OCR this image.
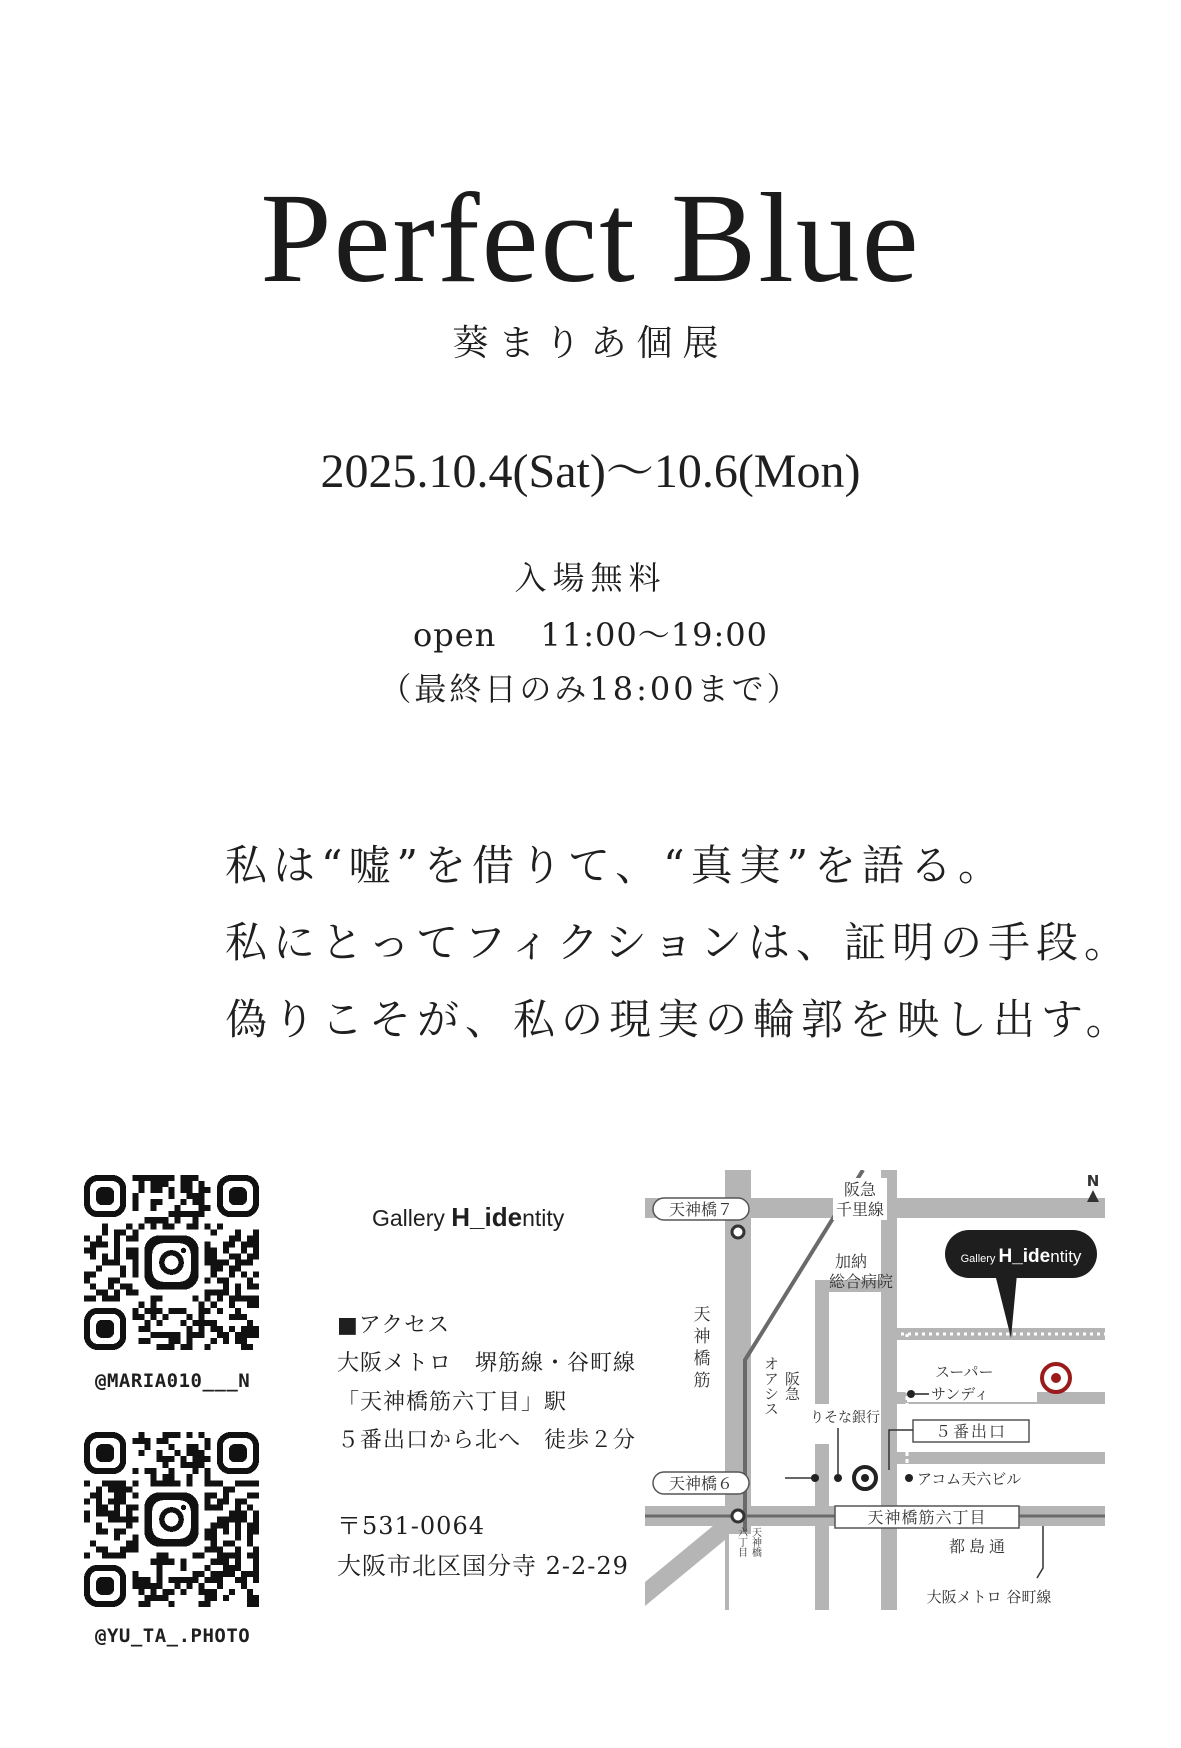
Perfect Blue
葵まりあ個展
2025.10.4(Sat)～10.6(Mon)
入場無料
open　 11:00～19:00
（最終日のみ18:00まで）
私は“嘘”を借りて、“真実”を語る。
私にとってフィクションは、証明の手段。
偽りこそが、私の現実の輪郭を映し出す。
@MARIA010___N
@YU_TA_.PHOTO
Gallery H_identity
■アクセス
大阪メトロ　堺筋線・谷町線
「天神橋筋六丁目」駅
５番出口から北へ　徒歩２分
〒531-0064
大阪市北区国分寺 2-2-29
天神橋７
天神橋６
阪急
千里線
加納
総合病院
天
神
橋
筋
N
Gallery H_identity
スーパー
サンディ
５番出口
阪急
オアシス
りそな銀行
アコム天六ビル
天神橋筋六丁目
都島通
大阪メトロ 谷町線
天神橋
六丁目
